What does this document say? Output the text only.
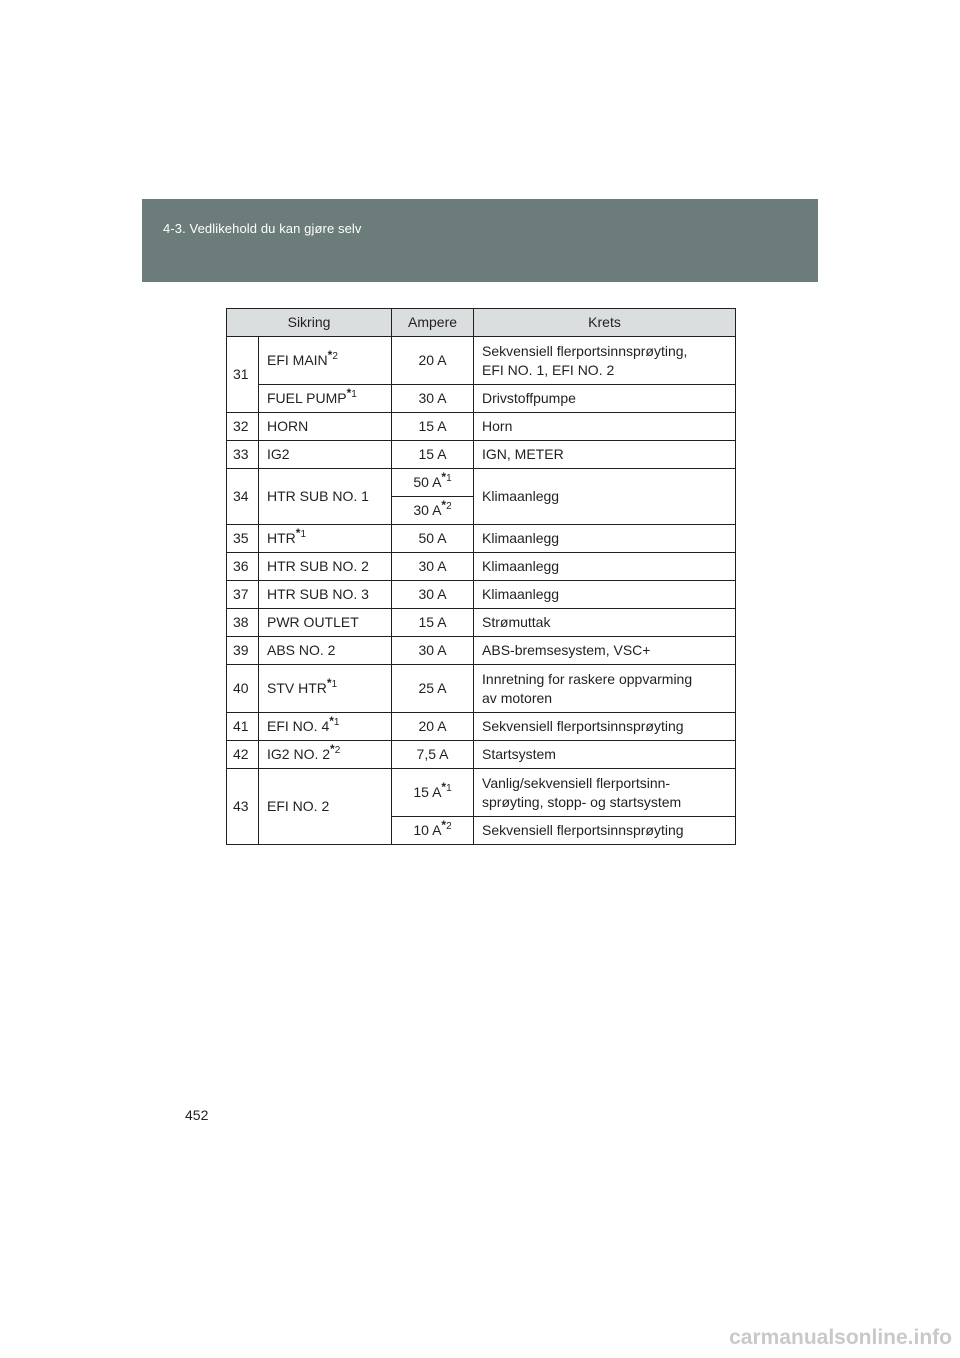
4-3. Vedlikehold du kan gjøre selv
Sikring		Ampere	Krets
31	EFI MAIN$^{*2}$	20 A	Sekvensiell flerportsinnsprøyting,
EFI NO. 1, EFI NO. 2
	FUEL PUMP$^{*1}$	30 A	Drivstoffpumpe
32	HORN	15 A	Horn
33	IG2	15 A	IGN, METER
34	HTR SUB NO. 1	50 A$^{*1}$	Klimaanlegg
		30 A$^{*2}$
35	HTR$^{*1}$	50 A	Klimaanlegg
36	HTR SUB NO. 2	30 A	Klimaanlegg
37	HTR SUB NO. 3	30 A	Klimaanlegg
38	PWR OUTLET	15 A	Strømuttak
39	ABS NO. 2	30 A	ABS-bremsesystem, VSC+
40	STV HTR$^{*1}$	25 A	Innretning for raskere oppvarming
av motoren
41	EFI NO. 4$^{*1}$	20 A	Sekvensiell flerportsinnsprøyting
42	IG2 NO. 2$^{*2}$	7,5 A	Startsystem
43	EFI NO. 2	15 A$^{*1}$	Vanlig/sekvensiell flerportsinn-
sprøyting, stopp- og startsystem
		10 A$^{*2}$	Sekvensiell flerportsinnsprøyting
452
carmanualsonline.info
